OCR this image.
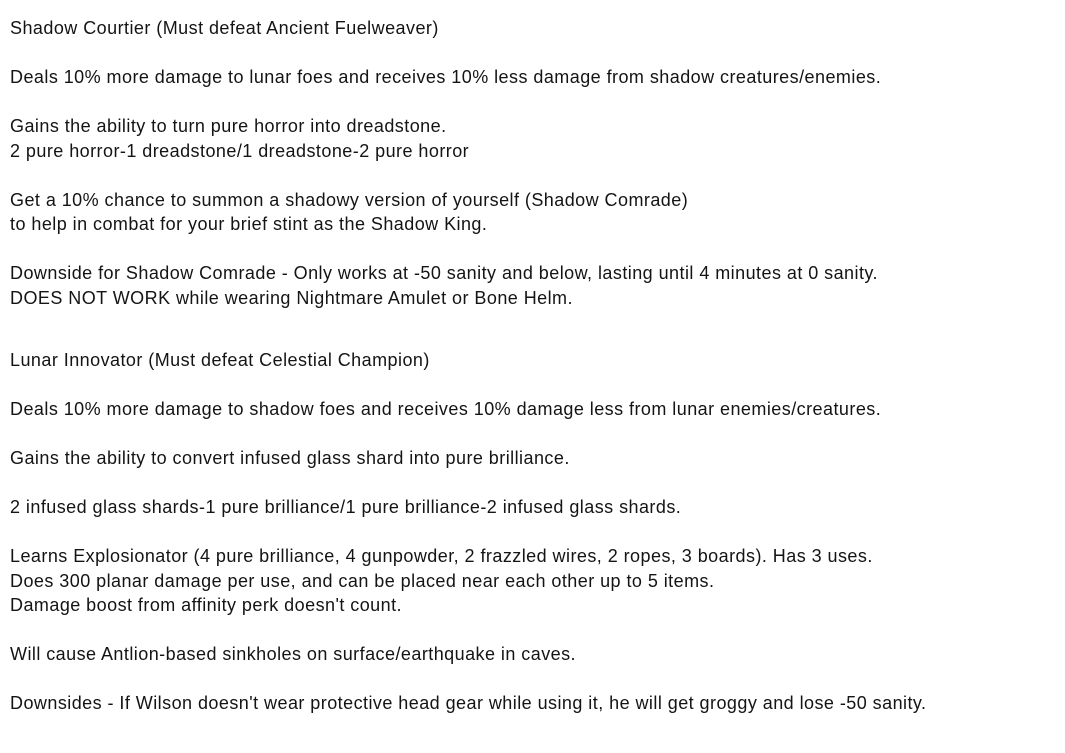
Shadow Courtier (Must defeat Ancient Fuelweaver)
Deals 10% more damage to lunar foes and receives 10% less damage from shadow creatures/enemies.
Gains the ability to turn pure horror into dreadstone.
2 pure horror-1 dreadstone/1 dreadstone-2 pure horror
Get a 10% chance to summon a shadowy version of yourself (Shadow Comrade)
to help in combat for your brief stint as the Shadow King.
Downside for Shadow Comrade - Only works at -50 sanity and below, lasting until 4 minutes at 0 sanity.
DOES NOT WORK while wearing Nightmare Amulet or Bone Helm.
Lunar Innovator (Must defeat Celestial Champion)
Deals 10% more damage to shadow foes and receives 10% damage less from lunar enemies/creatures.
Gains the ability to convert infused glass shard into pure brilliance.
2 infused glass shards-1 pure brilliance/1 pure brilliance-2 infused glass shards.
Learns Explosionator (4 pure brilliance, 4 gunpowder, 2 frazzled wires, 2 ropes, 3 boards). Has 3 uses.
Does 300 planar damage per use, and can be placed near each other up to 5 items.
Damage boost from affinity perk doesn't count.
Will cause Antlion-based sinkholes on surface/earthquake in caves.
Downsides - If Wilson doesn't wear protective head gear while using it, he will get groggy and lose -50 sanity.
